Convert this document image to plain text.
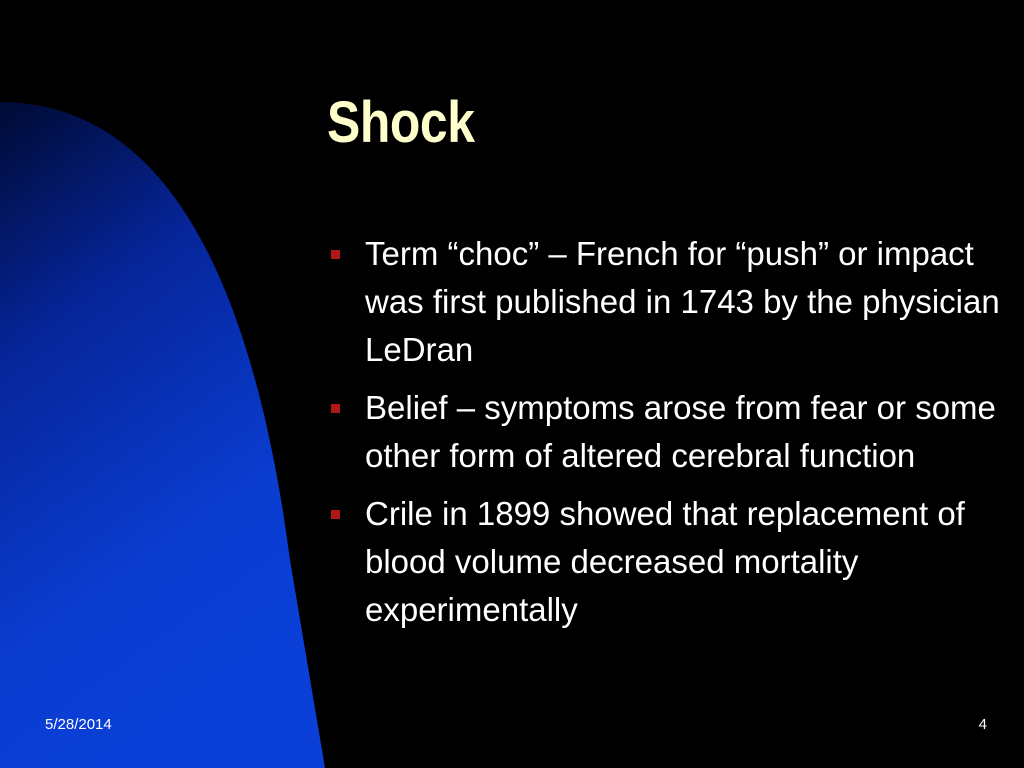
Shock
Term “choc” – French for “push” or impact was first published in 1743 by the physician LeDran
Belief – symptoms arose from fear or some other form of altered cerebral function
Crile in 1899 showed that replacement of blood volume decreased mortality experimentally
5/28/2014	4
